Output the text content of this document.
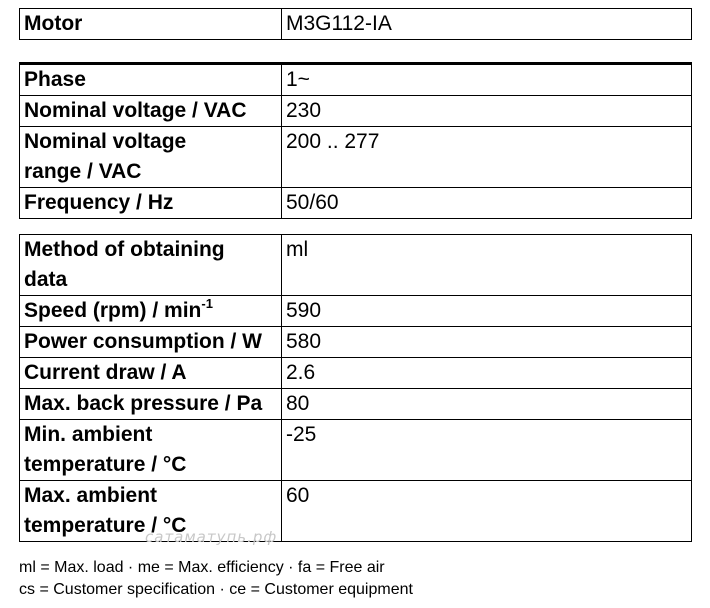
Motor	M3G112-IA
Phase	1~
Nominal voltage / VAC	230
Nominal voltage
range / VAC	200 .. 277
Frequency / Hz	50/60
Method of obtaining
data	ml
Speed $(rpm) / \min^{-1}$	590
Power consumption / W	580
Current draw / A	2.6
Max. back pressure / Pa	80
Min. ambient
temperature / °C	-25
Max. ambient
temperature / °C	60
сатаматупь.рф
ml = Max. load · me = Max. efficiency · fa = Free air
cs = Customer specification · ce = Customer equipment
